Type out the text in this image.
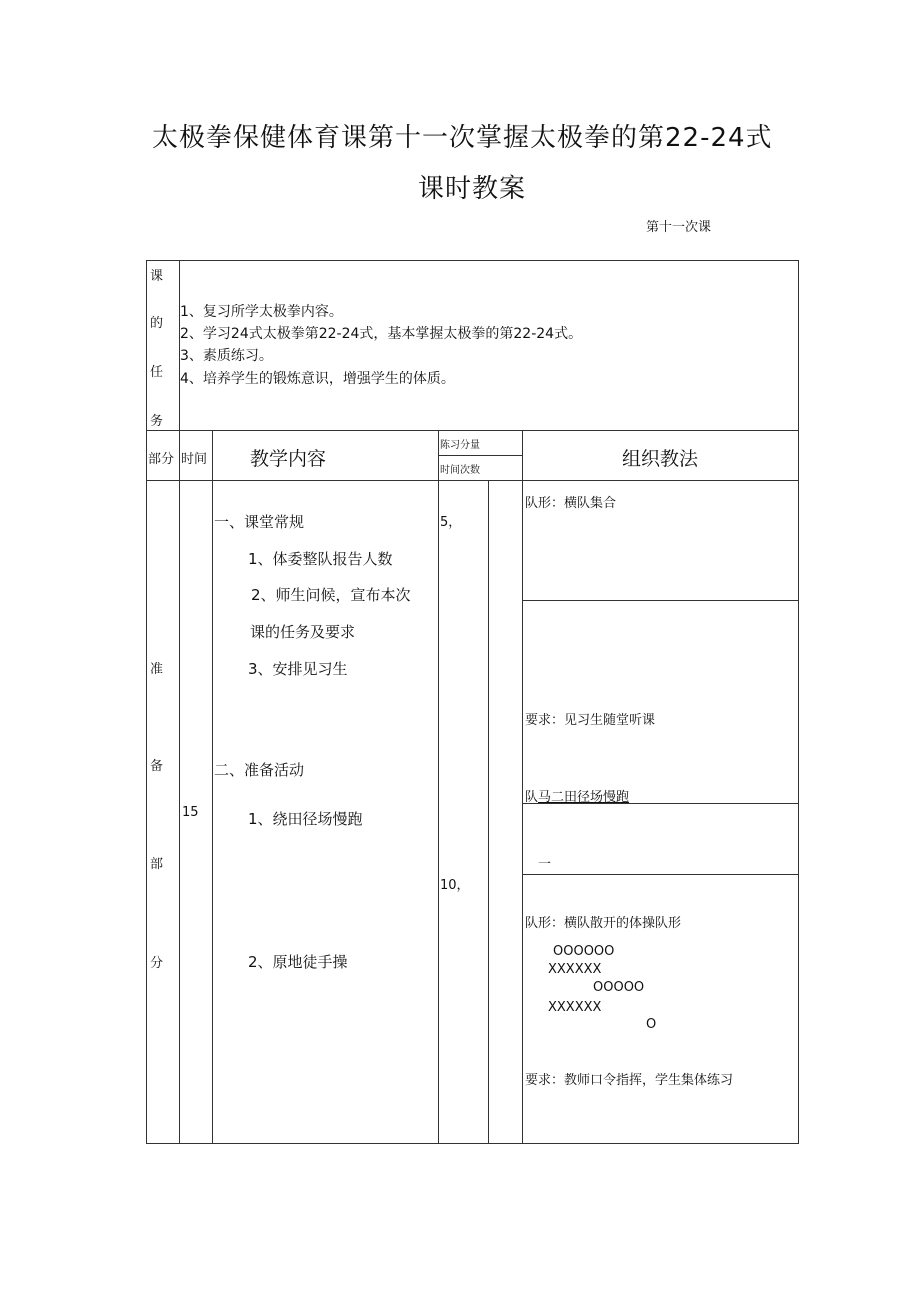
太极拳保健体育课第十一次掌握太极拳的第22-24式
课时教案
第十一次课
课
的
任
务
1、复习所学太极拳内容。
2、学习24式太极拳第22-24式，基本掌握太极拳的第22-24式。
3、素质练习。
4、培养学生的锻炼意识，增强学生的体质。
部分 时间 教学内容
陈习分量
时间次数
组织教法
准
备
部
分
15
一、课堂常规
1、体委整队报告人数
2、师生问候，宣布本次
课的任务及要求
3、安排见习生
二、准备活动
1、绕田径场慢跑
2、原地徒手操
5，
10，
队形：横队集合
要求：见习生随堂听课
队马二田径场慢跑
一
队形：横队散开的体操队形
OOOOOO
XXXXXX
OOOOO
XXXXXX
O
要求：教师口令指挥，学生集体练习
